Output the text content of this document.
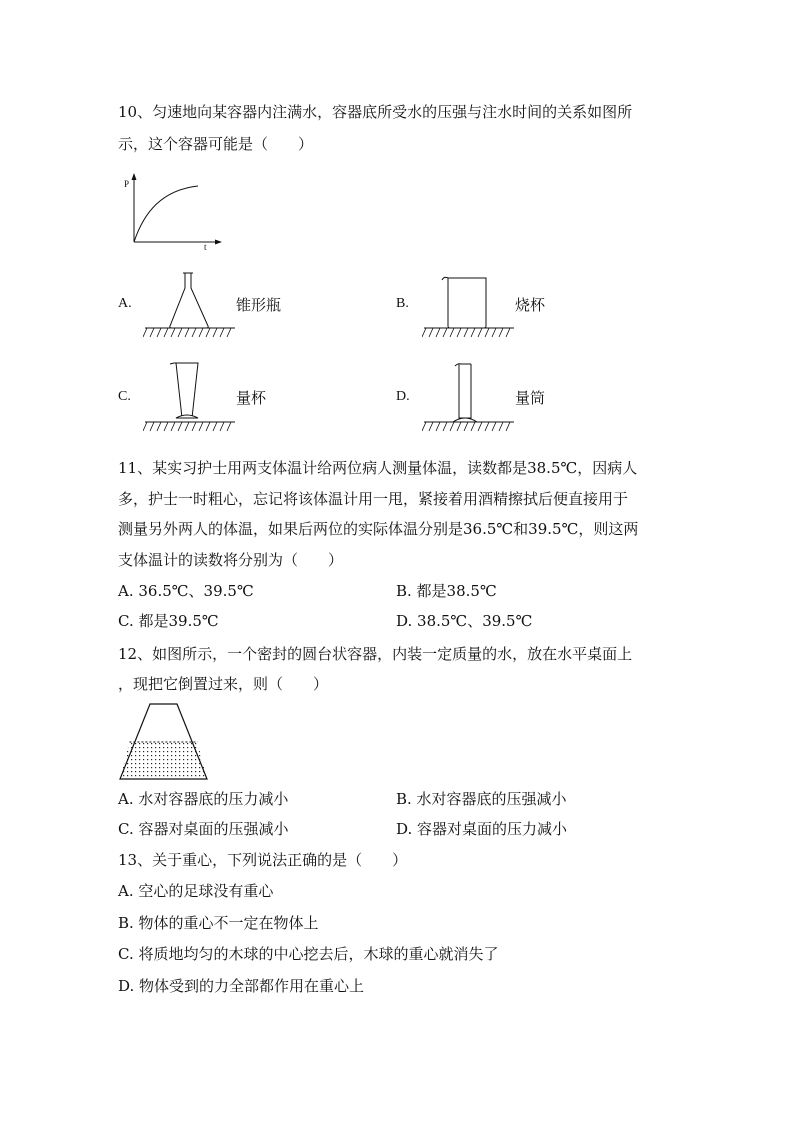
10、匀速地向某容器内注满水，容器底所受水的压强与注水时间的关系如图所
示，这个容器可能是（　　）
P
t
A.	锥形瓶	B.	烧杯
C.	量杯	D.	量筒
11、某实习护士用两支体温计给两位病人测量体温，读数都是38.5℃，因病人
多，护士一时粗心，忘记将该体温计用一甩，紧接着用酒精擦拭后便直接用于
测量另外两人的体温，如果后两位的实际体温分别是36.5℃和39.5℃，则这两
支体温计的读数将分别为（　　）
A. 36.5℃、39.5℃	B. 都是38.5℃
C. 都是39.5℃	D. 38.5℃、39.5℃
12、如图所示，一个密封的圆台状容器，内装一定质量的水，放在水平桌面上
，现把它倒置过来，则（　　）
A. 水对容器底的压力减小	B. 水对容器底的压强减小
C. 容器对桌面的压强减小	D. 容器对桌面的压力减小
13、关于重心，下列说法正确的是（　　）
A. 空心的足球没有重心
B. 物体的重心不一定在物体上
C. 将质地均匀的木球的中心挖去后，木球的重心就消失了
D. 物体受到的力全部都作用在重心上
